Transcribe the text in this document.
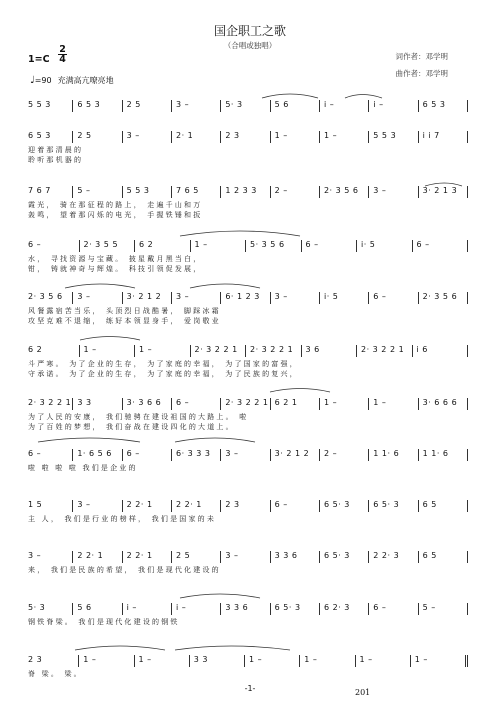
国企职工之歌
（合唱或独唱）
词作者：邓学明
曲作者：邓学明
1=C
2
4
♩=90 充满高亢嘹亮地
5 5 3	6 5 3	2 5	3 –	5· 3	5 6	i –	i –	6 5 3
6 5 3	2 5	3 –	2· 1	2 3	1 –	1 –	5 5 3	i i 7
迎着那清晨的
聆听那机器的
7 6 7	5 –	5 5 3	7 6 5	1 2 3 3	2 –	2· 3 5 6	3 –	3· 2 1 3
霞光， 骑在那征程的路上， 走遍千山和万
轰鸣， 望着那闪烁的电光， 手握铁锤和扳
6 –	2· 3 5 5	6 2	1 –	5· 3 5 6	6 –	i· 5	6 –
水， 寻找资源与宝藏。 披星戴月黑当白，
钳， 铸就神奇与辉煌。 科技引领促发展，
2· 3 5 6	3 –	3· 2 1 2	3 –	6· 1 2 3	3 –	i· 5	6 –	2· 3 5 6
风餐露宿苦当乐， 头顶烈日战酷暑， 脚踩冰霜
攻坚克难不退缩， 练好本领显身手， 爱岗敬业
6 2	1 –	1 –	2· 3 2 2 1	2· 3 2 2 1	3 6	2· 3 2 2 1	i 6
斗严寒。 为了企业的生存， 为了家庭的幸福， 为了国家的富强，
守承诺。 为了企业的生存， 为了家庭的幸福， 为了民族的复兴，
2· 3 2 2 1 3 3	3· 3 6 6	6 –	2· 3 2 2 1 6 2 1	1 –	1 –	3· 6 6 6
为了人民的安康， 我们驰骋在建设祖国的大路上。 啦
为了百姓的梦想， 我们奋战在建设四化的大道上。
6 –	1· 6 5 6	6 –	6· 3 3 3	3 –	3· 2 1 2	2 –	1 1· 6	1 1· 6
啦 啦 啦 啦 我们是企业的
1 5	3 –	2 2· 1	2 2· 1	2 3	6 –	6 5· 3	6 5· 3	6 5
主 人， 我们是行业的榜样， 我们是国家的未
3 –	2 2· 1	2 2· 1	2 5	3 –	3 3 6	6 5· 3	2 2· 3	6 5
来， 我们是民族的希望， 我们是现代化建设的
5· 3	5 6	i –	i –	3 3 6	6 5· 3	6 2· 3	6 –	5 –
钢铁脊梁。 我们是现代化建设的钢铁
2 3	1 –	1 –	3 3	1 –	1 –	1 –	1 –
脊 梁。 梁。
-1-	201
